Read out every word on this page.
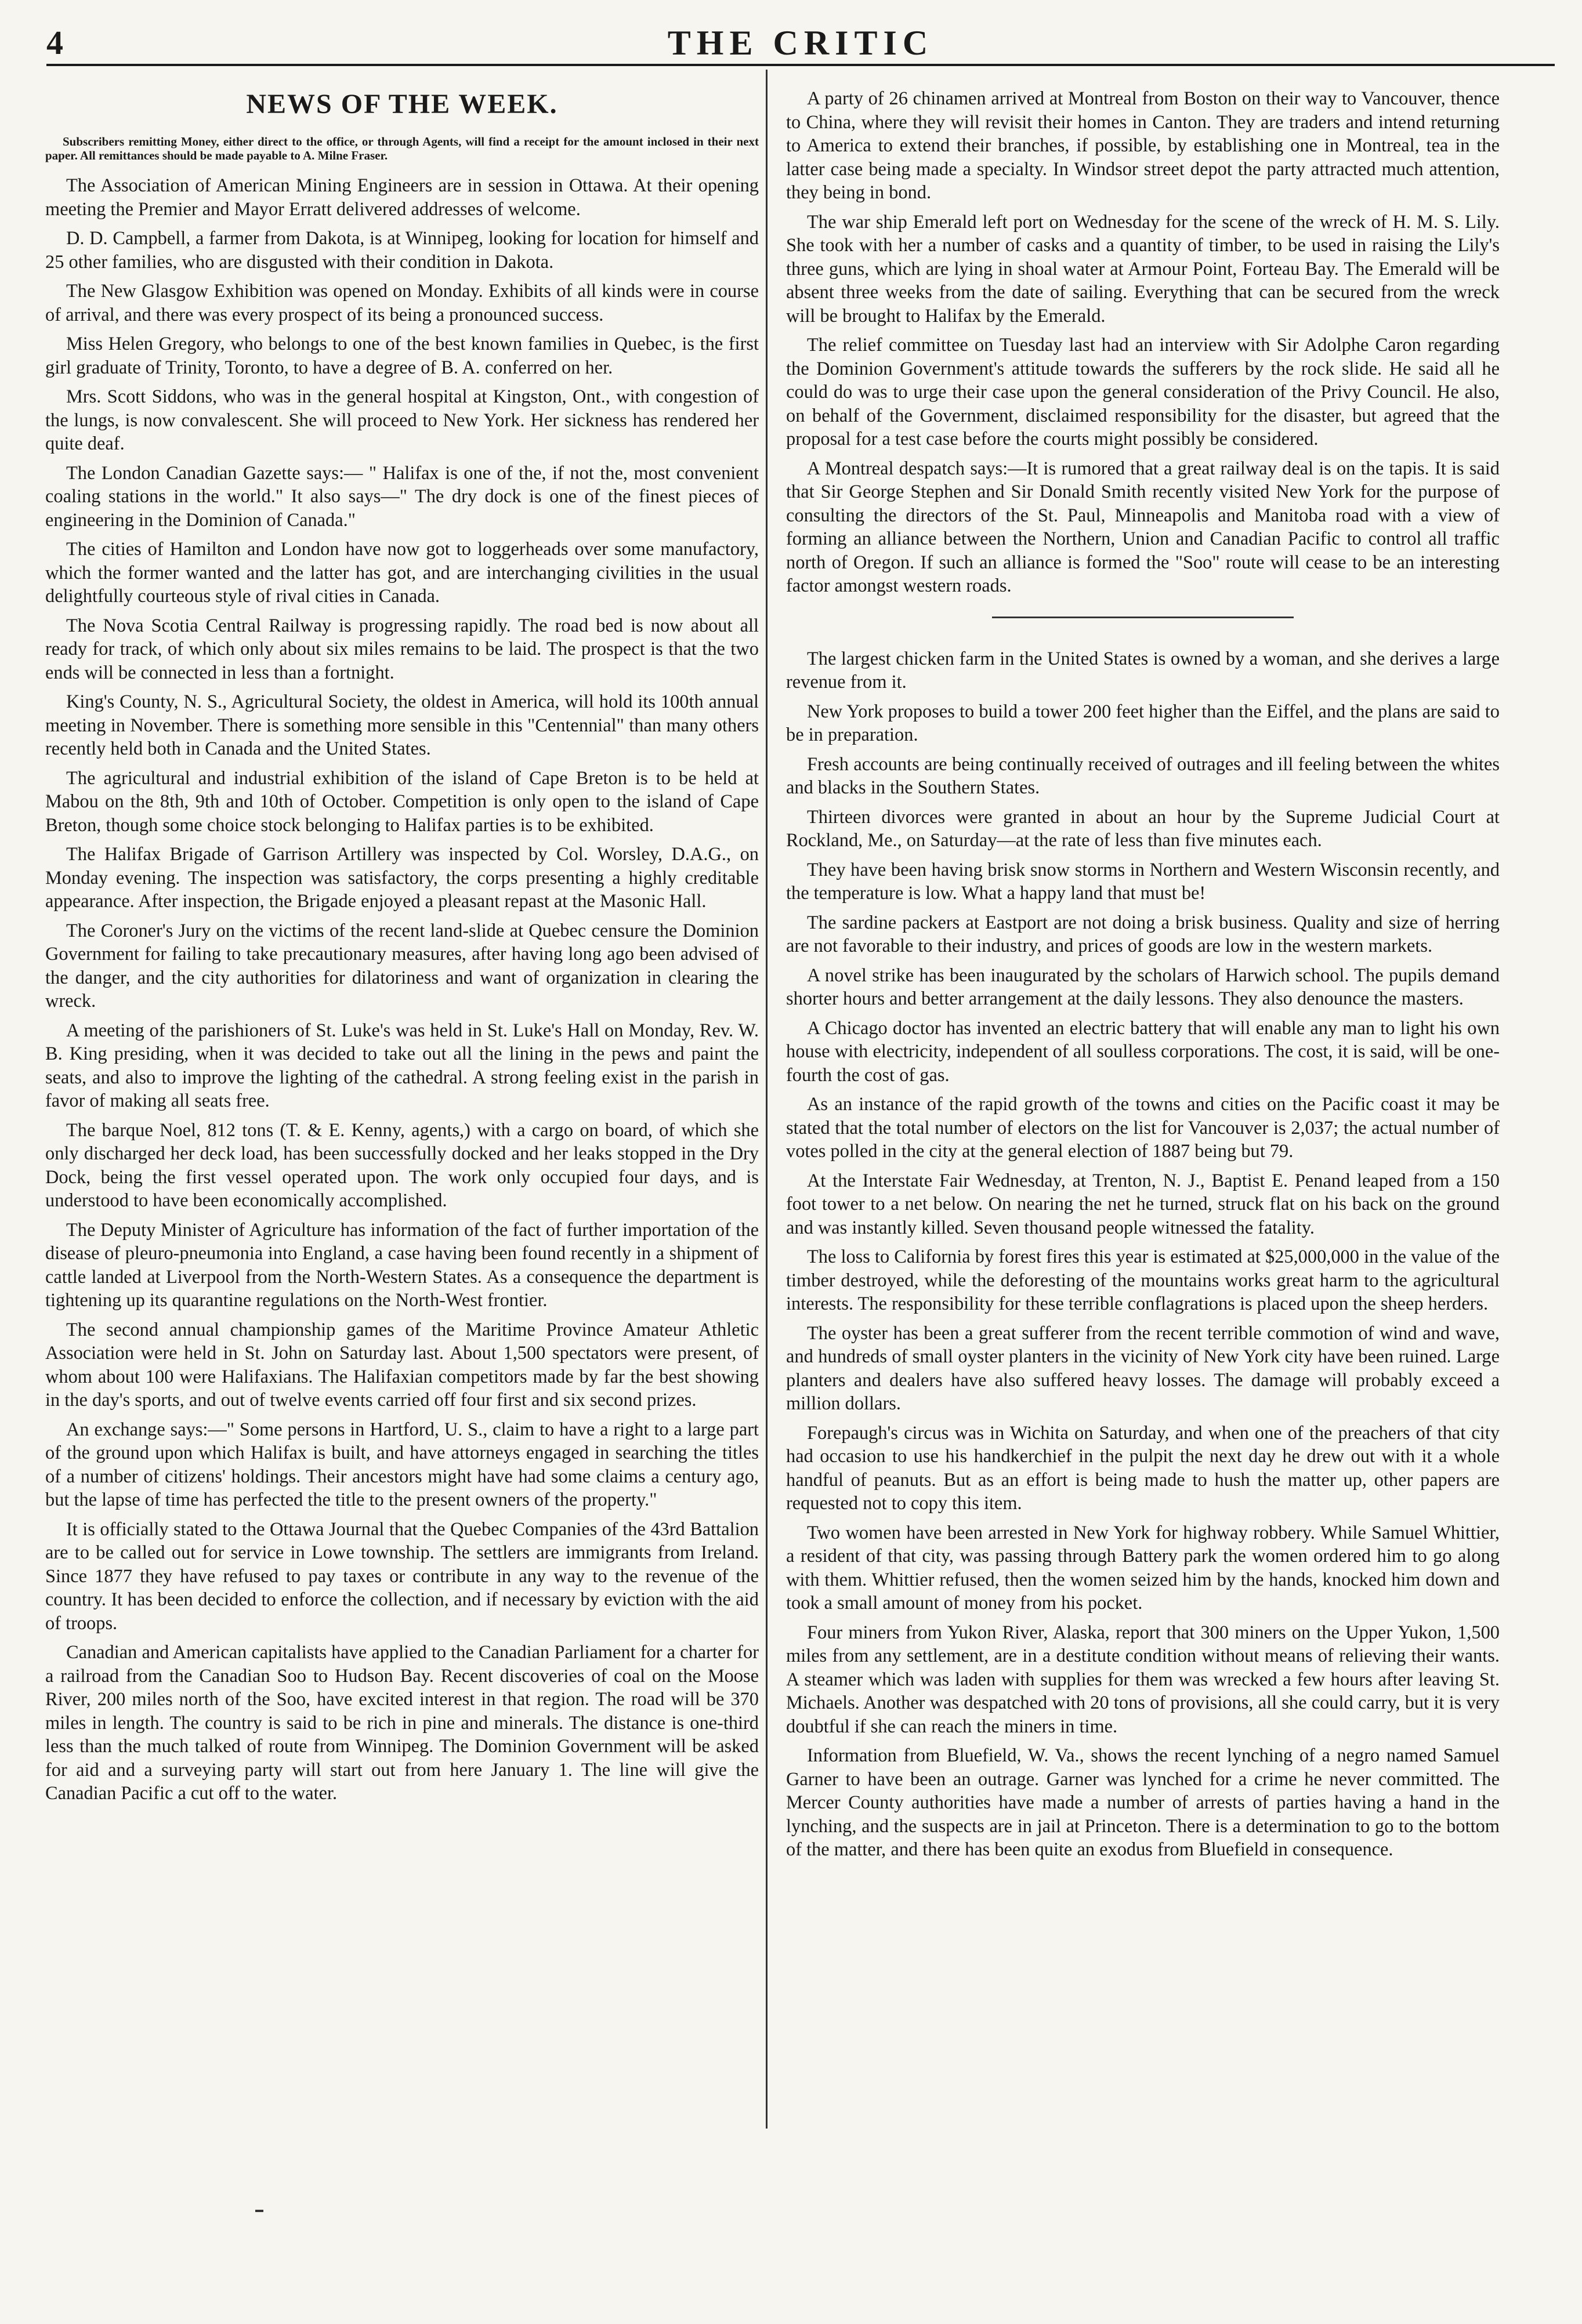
4	THE CRITIC
NEWS OF THE WEEK.

Subscribers remitting Money, either direct to the office, or through Agents, will find a receipt for the amount inclosed in their next paper. All remittances should be made payable to A. Milne Fraser.

The Association of American Mining Engineers are in session in Ottawa. At their opening meeting the Premier and Mayor Erratt delivered addresses of welcome.

D. D. Campbell, a farmer from Dakota, is at Winnipeg, looking for location for himself and 25 other families, who are disgusted with their condition in Dakota.

The New Glasgow Exhibition was opened on Monday. Exhibits of all kinds were in course of arrival, and there was every prospect of its being a pronounced success.

Miss Helen Gregory, who belongs to one of the best known families in Quebec, is the first girl graduate of Trinity, Toronto, to have a degree of B. A. conferred on her.

Mrs. Scott Siddons, who was in the general hospital at Kingston, Ont., with congestion of the lungs, is now convalescent. She will proceed to New York. Her sickness has rendered her quite deaf.

The London Canadian Gazette says:— " Halifax is one of the, if not the, most convenient coaling stations in the world." It also says—" The dry dock is one of the finest pieces of engineering in the Dominion of Canada."

The cities of Hamilton and London have now got to loggerheads over some manufactory, which the former wanted and the latter has got, and are interchanging civilities in the usual delightfully courteous style of rival cities in Canada.

The Nova Scotia Central Railway is progressing rapidly. The road bed is now about all ready for track, of which only about six miles remains to be laid. The prospect is that the two ends will be connected in less than a fortnight.

King's County, N. S., Agricultural Society, the oldest in America, will hold its 100th annual meeting in November. There is something more sensible in this "Centennial" than many others recently held both in Canada and the United States.

The agricultural and industrial exhibition of the island of Cape Breton is to be held at Mabou on the 8th, 9th and 10th of October. Competition is only open to the island of Cape Breton, though some choice stock belonging to Halifax parties is to be exhibited.

The Halifax Brigade of Garrison Artillery was inspected by Col. Worsley, D.A.G., on Monday evening. The inspection was satisfactory, the corps presenting a highly creditable appearance. After inspection, the Brigade enjoyed a pleasant repast at the Masonic Hall.

The Coroner's Jury on the victims of the recent land-slide at Quebec censure the Dominion Government for failing to take precautionary measures, after having long ago been advised of the danger, and the city authorities for dilatoriness and want of organization in clearing the wreck.

A meeting of the parishioners of St. Luke's was held in St. Luke's Hall on Monday, Rev. W. B. King presiding, when it was decided to take out all the lining in the pews and paint the seats, and also to improve the lighting of the cathedral. A strong feeling exist in the parish in favor of making all seats free.

The barque Noel, 812 tons (T. & E. Kenny, agents,) with a cargo on board, of which she only discharged her deck load, has been successfully docked and her leaks stopped in the Dry Dock, being the first vessel operated upon. The work only occupied four days, and is understood to have been economically accomplished.

The Deputy Minister of Agriculture has information of the fact of further importation of the disease of pleuro-pneumonia into England, a case having been found recently in a shipment of cattle landed at Liverpool from the North-Western States. As a consequence the department is tightening up its quarantine regulations on the North-West frontier.

The second annual championship games of the Maritime Province Amateur Athletic Association were held in St. John on Saturday last. About 1,500 spectators were present, of whom about 100 were Halifaxians. The Halifaxian competitors made by far the best showing in the day's sports, and out of twelve events carried off four first and six second prizes.

An exchange says:—" Some persons in Hartford, U. S., claim to have a right to a large part of the ground upon which Halifax is built, and have attorneys engaged in searching the titles of a number of citizens' holdings. Their ancestors might have had some claims a century ago, but the lapse of time has perfected the title to the present owners of the property."

It is officially stated to the Ottawa Journal that the Quebec Companies of the 43rd Battalion are to be called out for service in Lowe township. The settlers are immigrants from Ireland. Since 1877 they have refused to pay taxes or contribute in any way to the revenue of the country. It has been decided to enforce the collection, and if necessary by eviction with the aid of troops.

Canadian and American capitalists have applied to the Canadian Parliament for a charter for a railroad from the Canadian Soo to Hudson Bay. Recent discoveries of coal on the Moose River, 200 miles north of the Soo, have excited interest in that region. The road will be 370 miles in length. The country is said to be rich in pine and minerals. The distance is one-third less than the much talked of route from Winnipeg. The Dominion Government will be asked for aid and a surveying party will start out from here January 1. The line will give the Canadian Pacific a cut off to the water.

A party of 26 chinamen arrived at Montreal from Boston on their way to Vancouver, thence to China, where they will revisit their homes in Canton. They are traders and intend returning to America to extend their branches, if possible, by establishing one in Montreal, tea in the latter case being made a specialty. In Windsor street depot the party attracted much attention, they being in bond.

The war ship Emerald left port on Wednesday for the scene of the wreck of H. M. S. Lily. She took with her a number of casks and a quantity of timber, to be used in raising the Lily's three guns, which are lying in shoal water at Armour Point, Forteau Bay. The Emerald will be absent three weeks from the date of sailing. Everything that can be secured from the wreck will be brought to Halifax by the Emerald.

The relief committee on Tuesday last had an interview with Sir Adolphe Caron regarding the Dominion Government's attitude towards the sufferers by the rock slide. He said all he could do was to urge their case upon the general consideration of the Privy Council. He also, on behalf of the Government, disclaimed responsibility for the disaster, but agreed that the proposal for a test case before the courts might possibly be considered.

A Montreal despatch says:—It is rumored that a great railway deal is on the tapis. It is said that Sir George Stephen and Sir Donald Smith recently visited New York for the purpose of consulting the directors of the St. Paul, Minneapolis and Manitoba road with a view of forming an alliance between the Northern, Union and Canadian Pacific to control all traffic north of Oregon. If such an alliance is formed the "Soo" route will cease to be an interesting factor amongst western roads.

The largest chicken farm in the United States is owned by a woman, and she derives a large revenue from it.

New York proposes to build a tower 200 feet higher than the Eiffel, and the plans are said to be in preparation.

Fresh accounts are being continually received of outrages and ill feeling between the whites and blacks in the Southern States.

Thirteen divorces were granted in about an hour by the Supreme Judicial Court at Rockland, Me., on Saturday—at the rate of less than five minutes each.

They have been having brisk snow storms in Northern and Western Wisconsin recently, and the temperature is low. What a happy land that must be!

The sardine packers at Eastport are not doing a brisk business. Quality and size of herring are not favorable to their industry, and prices of goods are low in the western markets.

A novel strike has been inaugurated by the scholars of Harwich school. The pupils demand shorter hours and better arrangement at the daily lessons. They also denounce the masters.

A Chicago doctor has invented an electric battery that will enable any man to light his own house with electricity, independent of all soulless corporations. The cost, it is said, will be one-fourth the cost of gas.

As an instance of the rapid growth of the towns and cities on the Pacific coast it may be stated that the total number of electors on the list for Vancouver is 2,037; the actual number of votes polled in the city at the general election of 1887 being but 79.

At the Interstate Fair Wednesday, at Trenton, N. J., Baptist E. Penand leaped from a 150 foot tower to a net below. On nearing the net he turned, struck flat on his back on the ground and was instantly killed. Seven thousand people witnessed the fatality.

The loss to California by forest fires this year is estimated at $25,000,000 in the value of the timber destroyed, while the deforesting of the mountains works great harm to the agricultural interests. The responsibility for these terrible conflagrations is placed upon the sheep herders.

The oyster has been a great sufferer from the recent terrible commotion of wind and wave, and hundreds of small oyster planters in the vicinity of New York city have been ruined. Large planters and dealers have also suffered heavy losses. The damage will probably exceed a million dollars.

Forepaugh's circus was in Wichita on Saturday, and when one of the preachers of that city had occasion to use his handkerchief in the pulpit the next day he drew out with it a whole handful of peanuts. But as an effort is being made to hush the matter up, other papers are requested not to copy this item.

Two women have been arrested in New York for highway robbery. While Samuel Whittier, a resident of that city, was passing through Battery park the women ordered him to go along with them. Whittier refused, then the women seized him by the hands, knocked him down and took a small amount of money from his pocket.

Four miners from Yukon River, Alaska, report that 300 miners on the Upper Yukon, 1,500 miles from any settlement, are in a destitute condition without means of relieving their wants. A steamer which was laden with supplies for them was wrecked a few hours after leaving St. Michaels. Another was despatched with 20 tons of provisions, all she could carry, but it is very doubtful if she can reach the miners in time.

Information from Bluefield, W. Va., shows the recent lynching of a negro named Samuel Garner to have been an outrage. Garner was lynched for a crime he never committed. The Mercer County authorities have made a number of arrests of parties having a hand in the lynching, and the suspects are in jail at Princeton. There is a determination to go to the bottom of the matter, and there has been quite an exodus from Bluefield in consequence.
